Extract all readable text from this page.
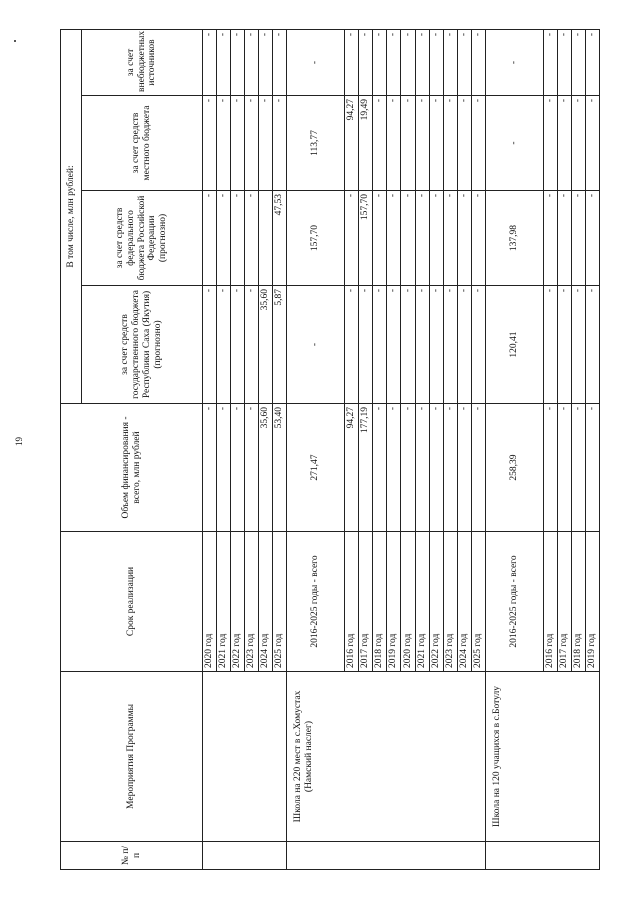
19
№ п/п	Мероприятия Программы	Срок реализации	Объем финансирования - всего, млн рублей	В том числе, млн рублей:			
				за счет средств государственного бюджета Республики Саха (Якутия) (прогнозно)	за счет средств федерального бюджета Российской Федерации (прогнозно)	за счет средств местного бюджета	за счет внебюджетных источников
		2020 год	-	-	-	-	-
		2021 год	-	-	-	-	-
		2022 год	-	-	-	-	-
		2023 год	-	-	-	-	-
		2024 год	35,60	35,60		-	-
		2025 год	53,40	5,87	47,53	-	-
	Школа на 220 мест в с.Хомустах (Намский наслег)	2016-2025 годы - всего	271,47	-	157,70	113,77	-
		2016 год	94,27	-	-	94,27	-
		2017 год	177,19	-	157,70	19,49	-
		2018 год	-	-	-	-	-
		2019 год	-	-	-	-	-
		2020 год	-	-	-	-	-
		2021 год	-	-	-	-	-
		2022 год	-	-	-	-	-
		2023 год	-	-	-	-	-
		2024 год	-	-	-	-	-
		2025 год	-	-	-	-	-
	Школа на 120 учащихся в с.Ботулу	2016-2025 годы - всего	258,39	120,41	137,98	-	-
		2016 год	-	-	-	-	-
		2017 год	-	-	-	-	-
		2018 год	-	-	-	-	-
		2019 год	-	-	-	-	-
